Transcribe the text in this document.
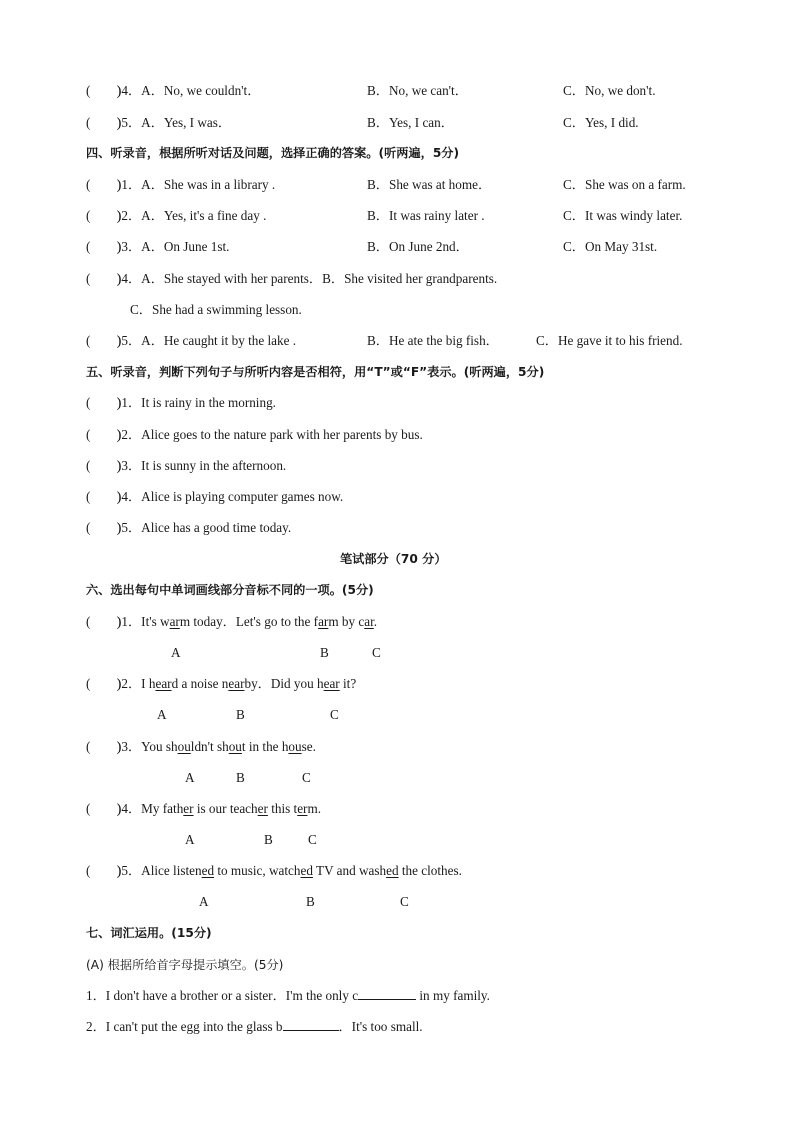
(　　)
)4．A．No, we couldn't．	B．No, we can't．	C．No, we don't.
(　　)
)5．A．Yes, I was．	B．Yes, I can．	C．Yes, I did.
四、听录音，根据所听对话及问题，选择正确的答案。(听两遍，5分)
(　　)
)1．A．She was in a library .	B．She was at home．	C．She was on a farm.
(　　)
)2．A．Yes, it's a fine day .	B．It was rainy later .	C．It was windy later.
(　　)
)3．A．On June 1st.	B．On June 2nd．	C．On May 31st.
(　　)
)4．A．She stayed with her parents．B．She visited her grandparents.
C．She had a swimming lesson.
(　　)
)5．A．He caught it by the lake .	B．He ate the big fish．	C．He gave it to his friend.
五、听录音，判断下列句子与所听内容是否相符，用“T”或“F”表示。(听两遍，5分)
(　　)
)1．It is rainy in the morning.
(　　)
)2．Alice goes to the nature park with her parents by bus.
(　　)
)3．It is sunny in the afternoon.
(　　)
)4．Alice is playing computer games now.
(　　)
)5．Alice has a good time today.
笔试部分（70 分）
六、选出每句中单词画线部分音标不同的一项。(5分)
(　　)
)1．It's warm today．Let's go to the farm by car.
A	B	C
(　　)
)2．I heard a noise nearby．Did you hear it?
A	B	C
(　　)
)3．You shouldn't shout in the house.
A	B	C
(　　)
)4．My father is our teacher this term.
A	B	C
(　　)
)5．Alice listened to music, watched TV and washed the clothes.
A	B	C
七、词汇运用。(15分)
(A) 根据所给首字母提示填空。(5分)
1．I don't have a brother or a sister．I'm the only c	in my family.
2．I can't put the egg into the glass b	．It's too small.
